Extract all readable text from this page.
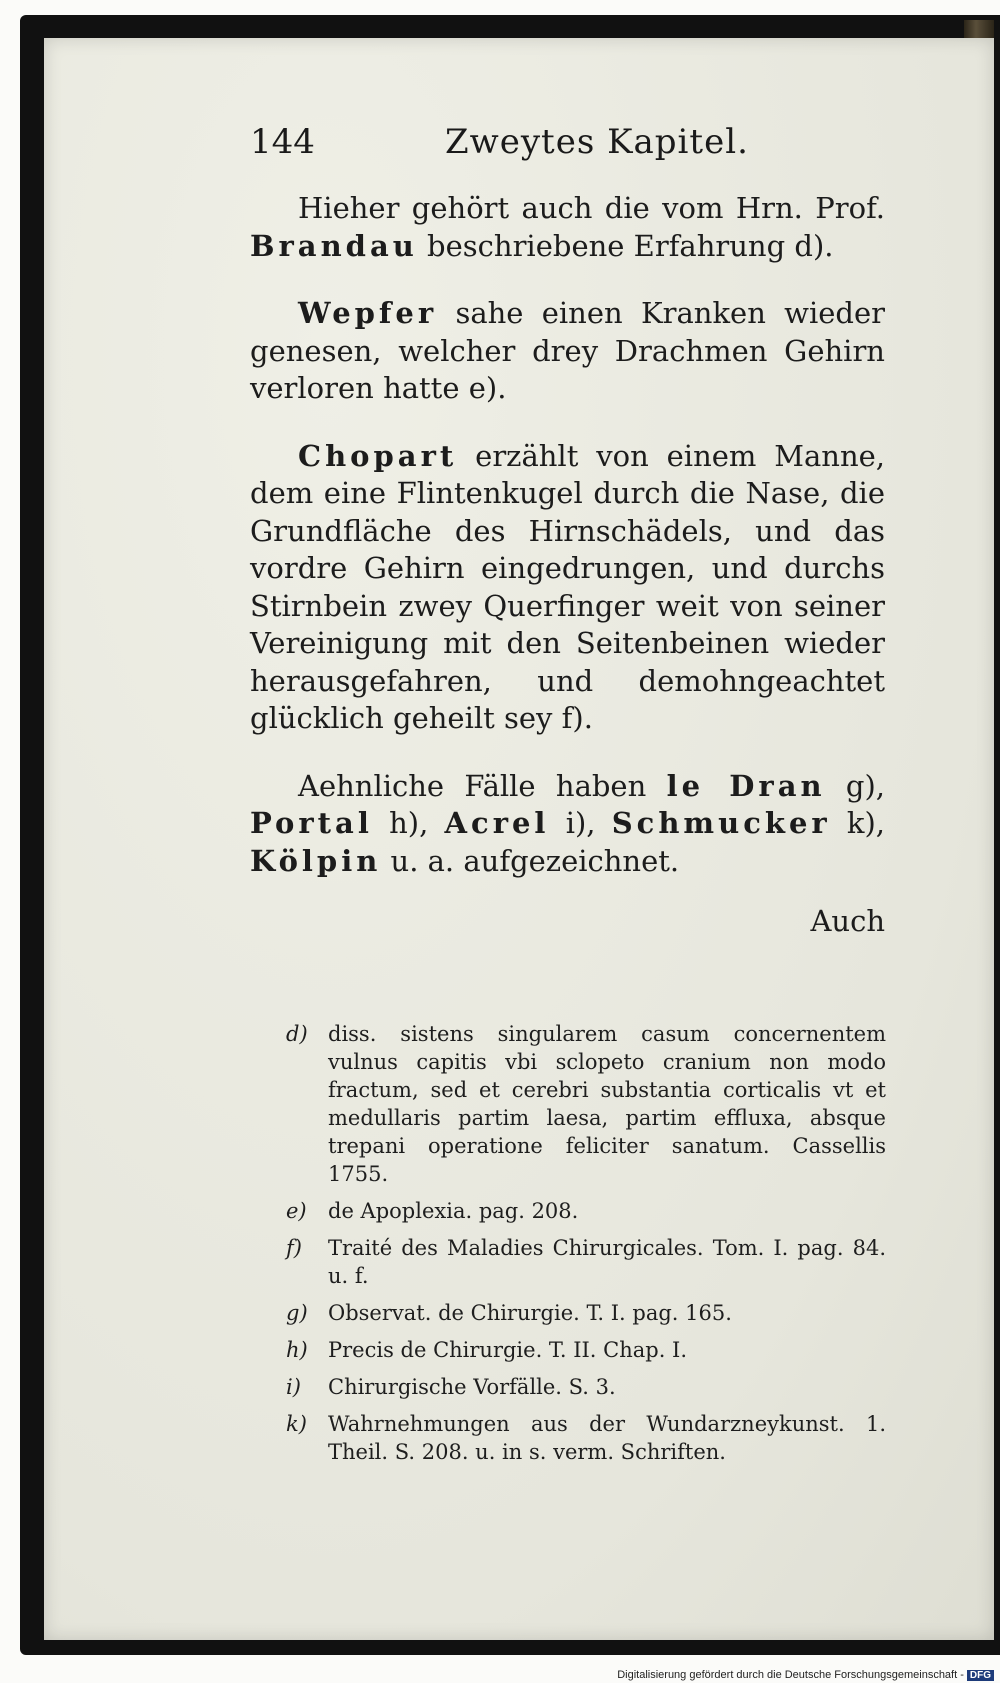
144	Zweytes Kapitel.

Hieher gehört auch die vom Hrn. Prof. Brandau beschriebene Erfahrung d).

Wepfer sahe einen Kranken wieder genesen, welcher drey Drachmen Gehirn verloren hatte e).

Chopart erzählt von einem Manne, dem eine Flintenkugel durch die Nase, die Grundfläche des Hirnschädels, und das vordre Gehirn eingedrungen, und durchs Stirnbein zwey Querfinger weit von seiner Vereinigung mit den Seitenbeinen wieder herausgefahren, und demohngeachtet glücklich geheilt sey f).

Aehnliche Fälle haben le Dran g), Portal h), Acrel i), Schmucker k), Kölpin u. a. aufgezeichnet.

Auch
d) diss. sistens singularem casum concernentem vulnus capitis vbi sclopeto cranium non modo fractum, sed et cerebri substantia corticalis vt et medullaris partim laesa, partim effluxa, absque trepani operatione feliciter sanatum. Cassellis 1755.
e) de Apoplexia. pag. 208.
f) Traité des Maladies Chirurgicales. Tom. I. pag. 84. u. f.
g) Observat. de Chirurgie. T. I. pag. 165.
h) Precis de Chirurgie. T. II. Chap. I.
i) Chirurgische Vorfälle. S. 3.
k) Wahrnehmungen aus der Wundarzneykunst. 1. Theil. S. 208. u. in s. verm. Schriften.
Digitalisierung gefördert durch die Deutsche Forschungsgemeinschaft - DFG
